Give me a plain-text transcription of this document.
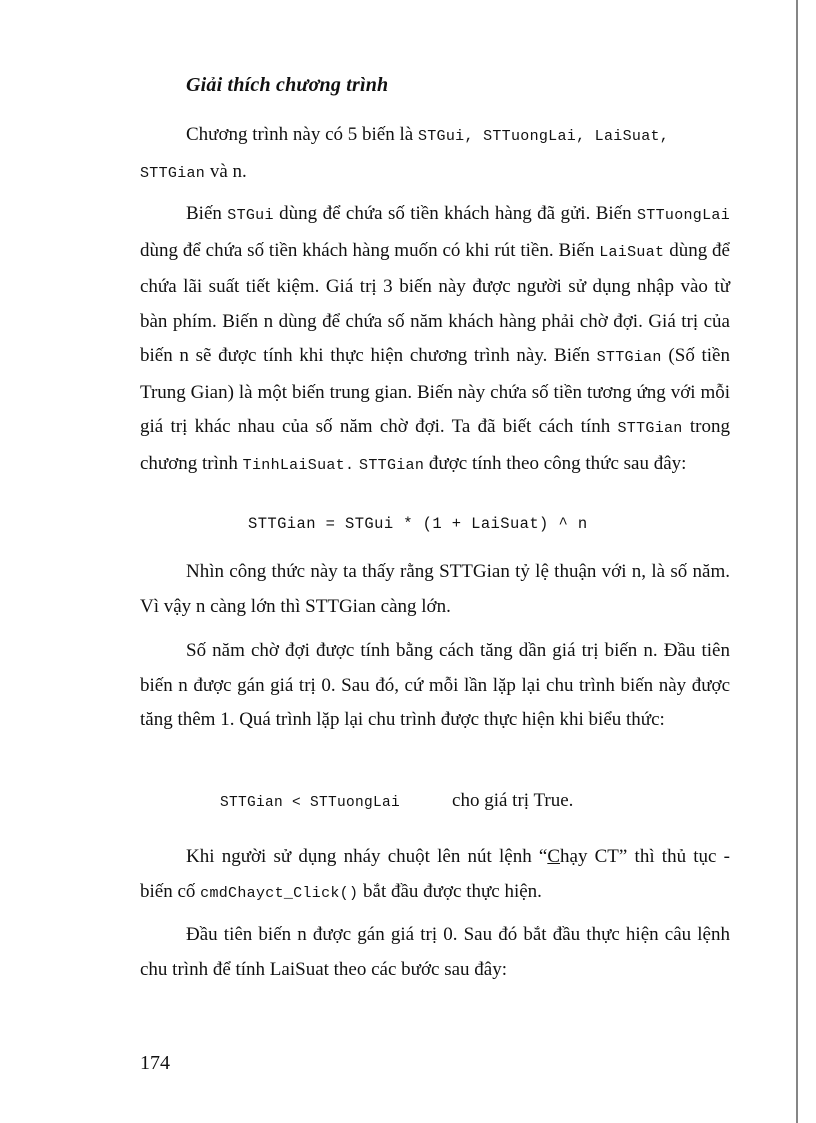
Giải thích chương trình
Chương trình này có 5 biến là STGui, STTuongLai, LaiSuat,
STTGian và n.
Biến STGui dùng để chứa số tiền khách hàng đã gửi. Biến STTuongLai dùng để chứa số tiền khách hàng muốn có khi rút tiền. Biến LaiSuat dùng để chứa lãi suất tiết kiệm. Giá trị 3 biến này được người sử dụng nhập vào từ bàn phím. Biến n dùng để chứa số năm khách hàng phải chờ đợi. Giá trị của biến n sẽ được tính khi thực hiện chương trình này. Biến STTGian (Số tiền Trung Gian) là một biến trung gian. Biến này chứa số tiền tương ứng với mỗi giá trị khác nhau của số năm chờ đợi. Ta đã biết cách tính STTGian trong chương trình TinhLaiSuat. STTGian được tính theo công thức sau đây:
STTGian = STGui * (1 + LaiSuat) ^ n
Nhìn công thức này ta thấy rằng STTGian tỷ lệ thuận với n, là số năm. Vì vậy n càng lớn thì STTGian càng lớn.
Số năm chờ đợi được tính bằng cách tăng dần giá trị biến n. Đầu tiên biến n được gán giá trị 0. Sau đó, cứ mỗi lần lặp lại chu trình biến này được tăng thêm 1. Quá trình lặp lại chu trình được thực hiện khi biểu thức:
STTGian < STTuongLai	cho giá trị True.
Khi người sử dụng nháy chuột lên nút lệnh “Chạy CT” thì thủ tục - biến cố cmdChayct_Click() bắt đầu được thực hiện.
Đầu tiên biến n được gán giá trị 0. Sau đó bắt đầu thực hiện câu lệnh chu trình để tính LaiSuat theo các bước sau đây:
174
